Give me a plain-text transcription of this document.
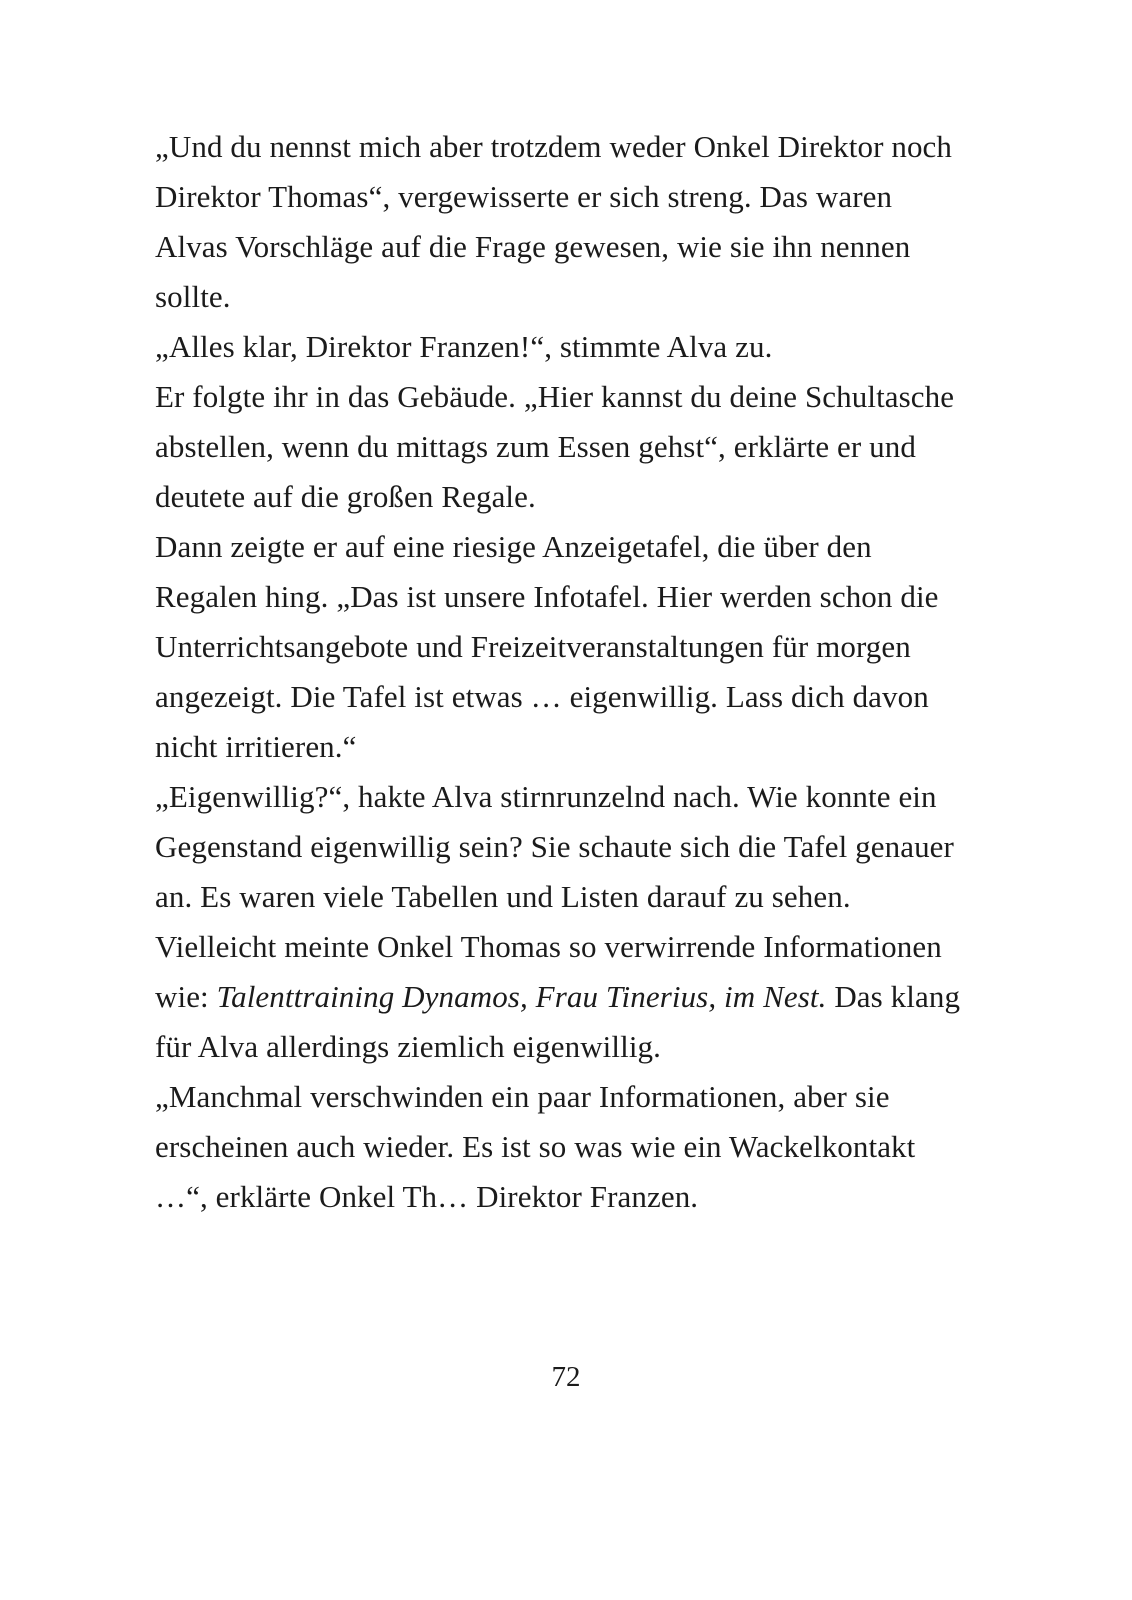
„Und du nennst mich aber trotzdem weder Onkel Direktor noch Direktor Thomas“, vergewisserte er sich streng. Das waren Alvas Vorschläge auf die Frage gewesen, wie sie ihn nennen sollte.

„Alles klar, Direktor Franzen!“, stimmte Alva zu.

Er folgte ihr in das Gebäude. „Hier kannst du deine Schultasche abstellen, wenn du mittags zum Essen gehst“, erklärte er und deutete auf die großen Regale.

Dann zeigte er auf eine riesige Anzeigetafel, die über den Regalen hing. „Das ist unsere Infotafel. Hier werden schon die Unterrichtsangebote und Freizeitveranstaltungen für morgen angezeigt. Die Tafel ist etwas … eigenwillig. Lass dich davon nicht irritieren.“

„Eigenwillig?“, hakte Alva stirnrunzelnd nach. Wie konnte ein Gegenstand eigenwillig sein? Sie schaute sich die Tafel genauer an. Es waren viele Tabellen und Listen darauf zu sehen. Vielleicht meinte Onkel Thomas so verwirrende Informationen wie: Talenttraining Dynamos, Frau Tinerius, im Nest. Das klang für Alva allerdings ziemlich eigenwillig.

„Manchmal verschwinden ein paar Informationen, aber sie erscheinen auch wieder. Es ist so was wie ein Wackelkontakt …“, erklärte Onkel Th… Direktor Franzen.

72
